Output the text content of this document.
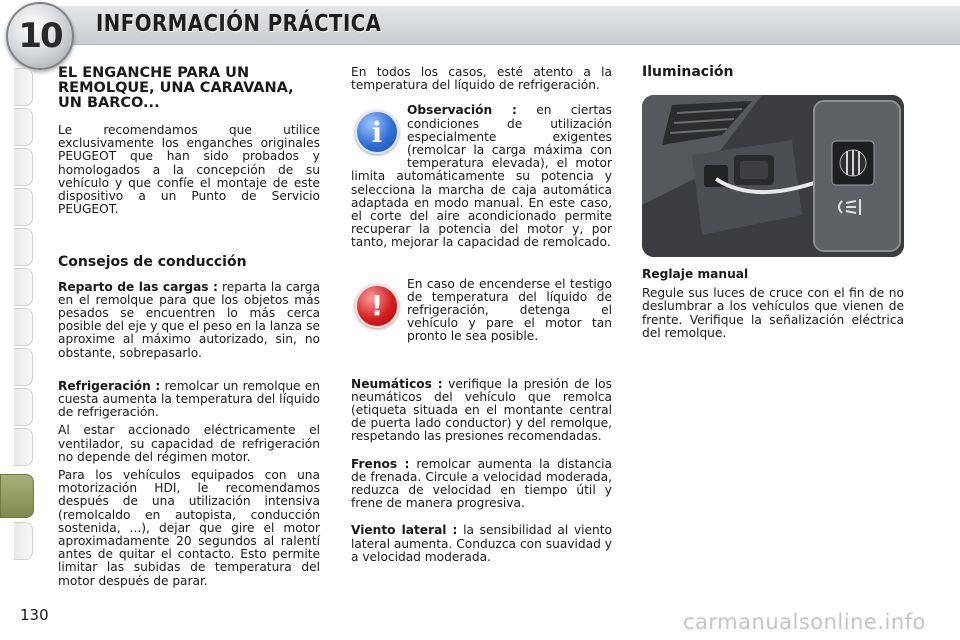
10 INFORMACIÓN PRÁCTICA
EL ENGANCHE PARA UN REMOLQUE, UNA CARAVANA, UN BARCO...

Le recomendamos que utilice exclusivamente los enganches originales PEUGEOT que han sido probados y homologados a la concepción de su vehículo y que confíe el montaje de este dispositivo a un Punto de Servicio PEUGEOT.

Consejos de conducción

Reparto de las cargas : reparta la carga en el remolque para que los objetos más pesados se encuentren lo más cerca posible del eje y que el peso en la lanza se aproxime al máximo autorizado, sin, no obstante, sobrepasarlo.

Refrigeración : remolcar un remolque en cuesta aumenta la temperatura del líquido de refrigeración.

Al estar accionado eléctricamente el ventilador, su capacidad de refrigeración no depende del régimen motor.

Para los vehículos equipados con una motorización HDI, le recomendamos después de una utilización intensiva (remolcaldo en autopista, conducción sostenida, ...), dejar que gire el motor aproximadamente 20 segundos al ralentí antes de quitar el contacto. Esto permite limitar las subidas de temperatura del motor después de parar.

En todos los casos, esté atento a la temperatura del líquido de refrigeración.

i

Observación : en ciertas condiciones de utilización especialmente exigentes (remolcar la carga máxima con temperatura elevada), el motor limita automáticamente su potencia y selecciona la marcha de caja automática adaptada en modo manual. En este caso, el corte del aire acondicionado permite recuperar la potencia del motor y, por tanto, mejorar la capacidad de remolcado.

!

En caso de encenderse el testigo de temperatura del líquido de refrigeración, detenga el vehículo y pare el motor tan pronto le sea posible.

Neumáticos : verifique la presión de los neumáticos del vehículo que remolca (etiqueta situada en el montante central de puerta lado conductor) y del remolque, respetando las presiones recomendadas.

Frenos : remolcar aumenta la distancia de frenada. Circule a velocidad moderada, reduzca de velocidad en tiempo útil y frene de manera progresiva.

Viento lateral : la sensibilidad al viento lateral aumenta. Conduzca con suavidad y a velocidad moderada.

Iluminación

Reglaje manual

Regule sus luces de cruce con el fin de no deslumbrar a los vehículos que vienen de frente. Verifique la señalización eléctrica del remolque.

130	carmanualsonline.info
